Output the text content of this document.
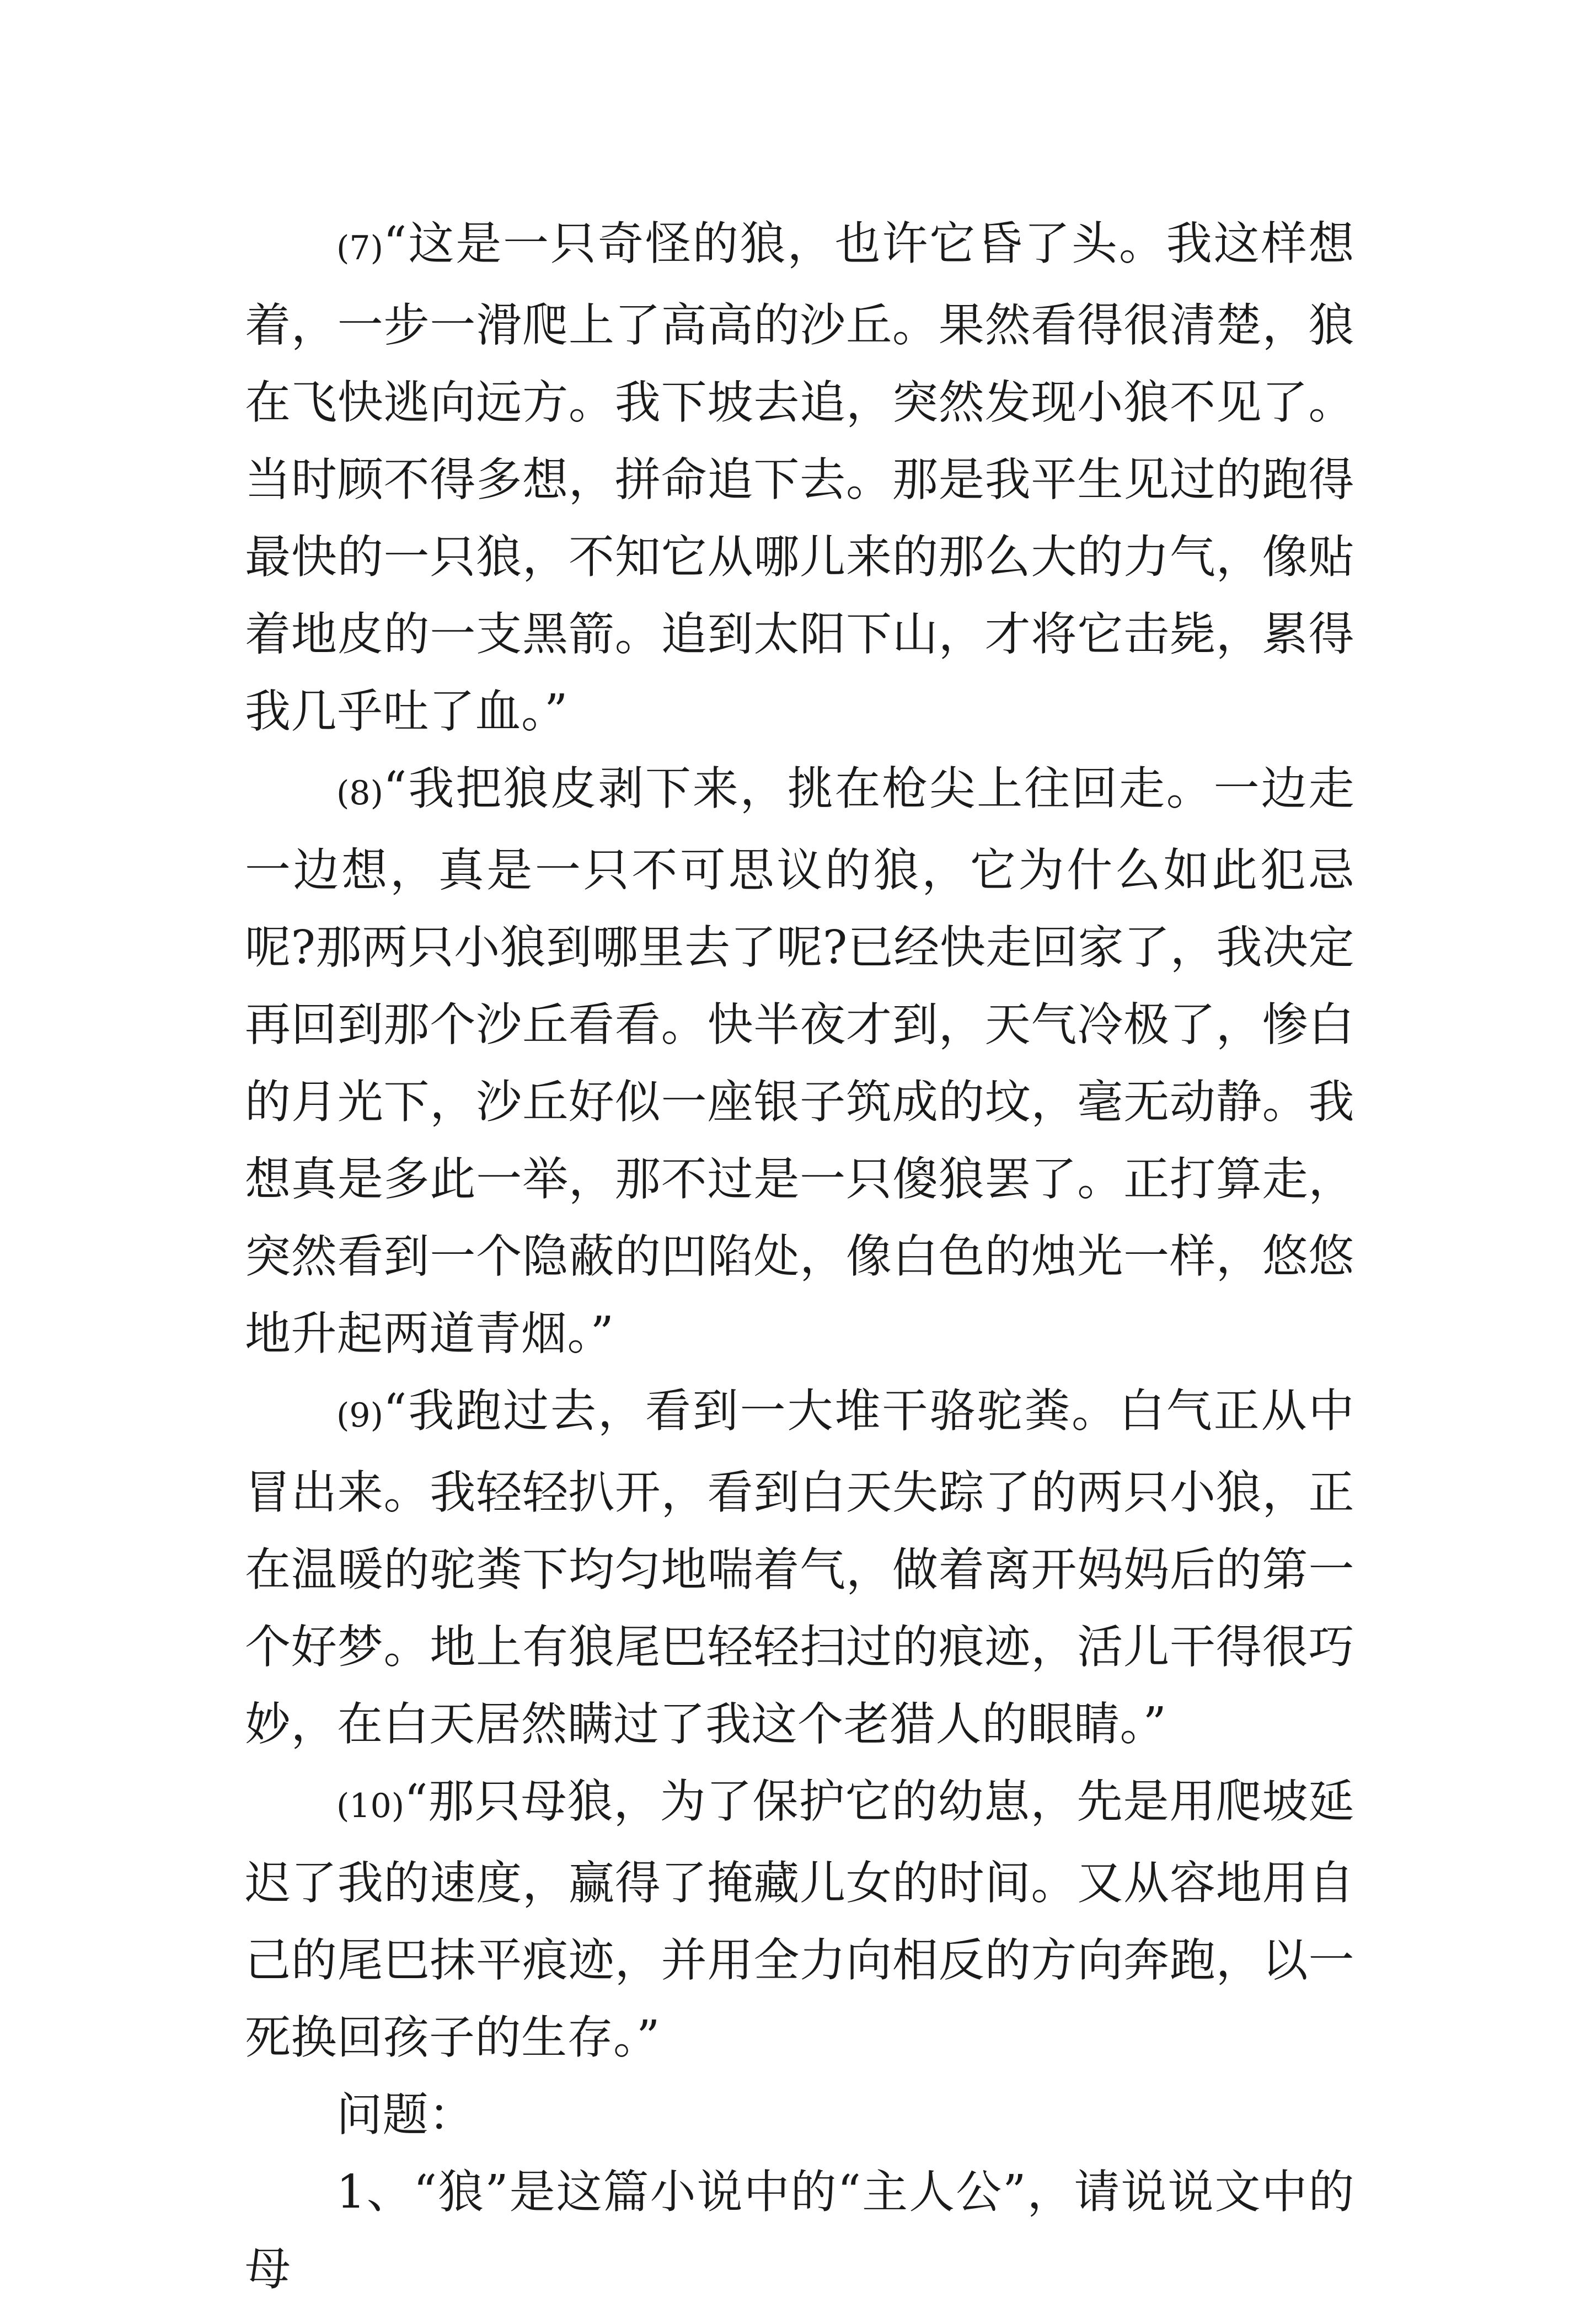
(7)“这是一只奇怪的狼，也许它昏了头。我这样想着，一步一滑爬上了高高的沙丘。果然看得很清楚，狼在飞快逃向远方。我下坡去追，突然发现小狼不见了。当时顾不得多想，拼命追下去。那是我平生见过的跑得最快的一只狼，不知它从哪儿来的那么大的力气，像贴着地皮的一支黑箭。追到太阳下山，才将它击毙，累得我几乎吐了血。”

(8)“我把狼皮剥下来，挑在枪尖上往回走。一边走一边想，真是一只不可思议的狼，它为什么如此犯忌呢?那两只小狼到哪里去了呢?已经快走回家了，我决定再回到那个沙丘看看。快半夜才到，天气冷极了，惨白的月光下，沙丘好似一座银子筑成的坟，毫无动静。我想真是多此一举，那不过是一只傻狼罢了。正打算走，突然看到一个隐蔽的凹陷处，像白色的烛光一样，悠悠地升起两道青烟。”

(9)“我跑过去，看到一大堆干骆驼粪。白气正从中冒出来。我轻轻扒开，看到白天失踪了的两只小狼，正在温暖的驼粪下均匀地喘着气，做着离开妈妈后的第一个好梦。地上有狼尾巴轻轻扫过的痕迹，活儿干得很巧妙，在白天居然瞒过了我这个老猎人的眼睛。”

(10)“那只母狼，为了保护它的幼崽，先是用爬坡延迟了我的速度，赢得了掩藏儿女的时间。又从容地用自己的尾巴抹平痕迹，并用全力向相反的方向奔跑，以一死换回孩子的生存。”

问题：

1、“狼”是这篇小说中的“主人公”，请说说文中的母
